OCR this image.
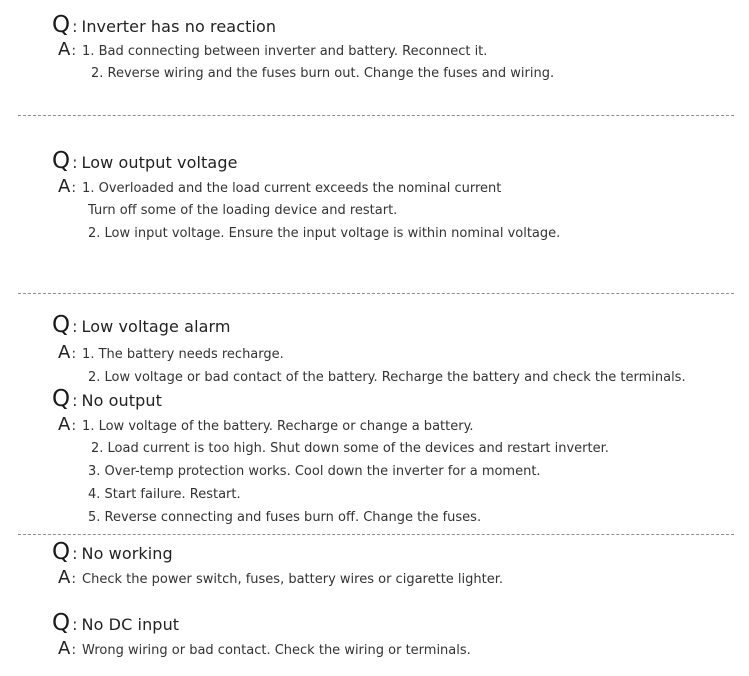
Q : Inverter has no reaction
A : 1. Bad connecting between inverter and battery. Reconnect it.
2. Reverse wiring and the fuses burn out. Change the fuses and wiring.
Q : Low output voltage
A : 1. Overloaded and the load current exceeds the nominal current
Turn off some of the loading device and restart.
2. Low input voltage. Ensure the input voltage is within nominal voltage.
Q : Low voltage alarm
A : 1. The battery needs recharge.
2. Low voltage or bad contact of the battery. Recharge the battery and check the terminals.
Q : No output
A : 1. Low voltage of the battery. Recharge or change a battery.
2. Load current is too high. Shut down some of the devices and restart inverter.
3. Over-temp protection works. Cool down the inverter for a moment.
4. Start failure. Restart.
5. Reverse connecting and fuses burn off. Change the fuses.
Q : No working
A : Check the power switch, fuses, battery wires or cigarette lighter.
Q : No DC input
A : Wrong wiring or bad contact. Check the wiring or terminals.
